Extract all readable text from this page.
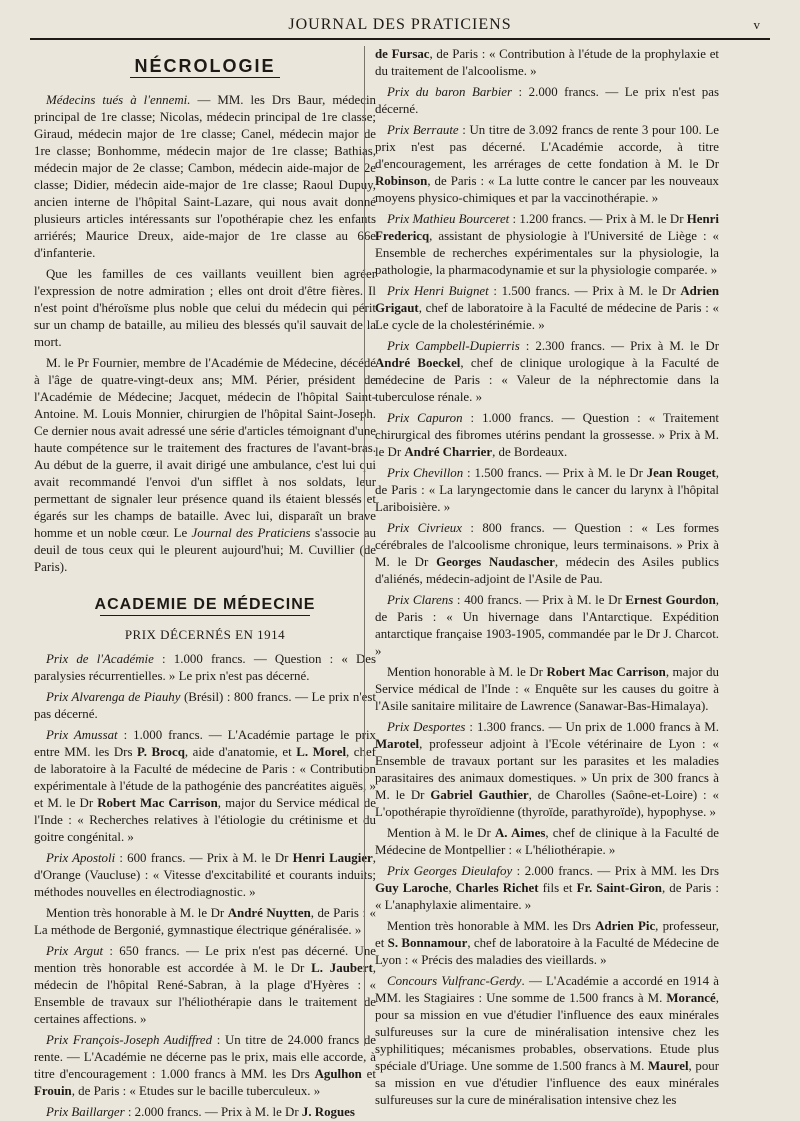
JOURNAL DES PRATICIENS	v
NÉCROLOGIE

Médecins tués à l'ennemi. — MM. les Drs Baur, médecin principal de 1re classe; Nicolas, médecin principal de 1re classe; Giraud, médecin major de 1re classe; Canel, médecin major de 1re classe; Bonhomme, médecin major de 1re classe; Bathias, médecin major de 2e classe; Cambon, médecin aide-major de 2e classe; Didier, médecin aide-major de 1re classe; Raoul Dupuy, ancien interne de l'hôpital Saint-Lazare, qui nous avait donné plusieurs articles intéressants sur l'opothérapie chez les enfants arriérés; Maurice Dreux, aide-major de 1re classe au 66e d'infanterie.

Que les familles de ces vaillants veuillent bien agréer l'expression de notre admiration ; elles ont droit d'être fières. Il n'est point d'héroïsme plus noble que celui du médecin qui périt sur un champ de bataille, au milieu des blessés qu'il sauvait de la mort.

M. le Pr Fournier, membre de l'Académie de Médecine, décédé à l'âge de quatre-vingt-deux ans; MM. Périer, président de l'Académie de Médecine; Jacquet, médecin de l'hôpital Saint-Antoine. M. Louis Monnier, chirurgien de l'hôpital Saint-Joseph. Ce dernier nous avait adressé une série d'articles témoignant d'une haute compétence sur le traitement des fractures de l'avant-bras. Au début de la guerre, il avait dirigé une ambulance, c'est lui qui avait recommandé l'envoi d'un sifflet à nos soldats, leur permettant de signaler leur présence quand ils étaient blessés et égarés sur les champs de bataille. Avec lui, disparaît un brave homme et un noble cœur. Le Journal des Praticiens s'associe au deuil de tous ceux qui le pleurent aujourd'hui; M. Cuvillier (de Paris).

ACADEMIE DE MÉDECINE
PRIX DÉCERNÉS EN 1914

Prix de l'Académie : 1.000 francs. — Question : « Des paralysies récurrentielles. » Le prix n'est pas décerné.

Prix Alvarenga de Piauhy (Brésil) : 800 francs. — Le prix n'est pas décerné.

Prix Amussat : 1.000 francs. — L'Académie partage le prix entre MM. les Drs P. Brocq, aide d'anatomie, et L. Morel, chef de laboratoire à la Faculté de médecine de Paris : « Contribution expérimentale à l'étude de la pathogénie des pancréatites aiguës, » et M. le Dr Robert Mac Carrison, major du Service médical de l'Inde : « Recherches relatives à l'étiologie du crétinisme et du goitre congénital. »

Prix Apostoli : 600 francs. — Prix à M. le Dr Henri Laugier, d'Orange (Vaucluse) : « Vitesse d'excitabilité et courants induits; méthodes nouvelles en électrodiagnostic. »

Mention très honorable à M. le Dr André Nuytten, de Paris : « La méthode de Bergonié, gymnastique électrique généralisée. »

Prix Argut : 650 francs. — Le prix n'est pas décerné. Une mention très honorable est accordée à M. le Dr L. Jaubert, médecin de l'hôpital René-Sabran, à la plage d'Hyères : « Ensemble de travaux sur l'héliothérapie dans le traitement de certaines affections. »

Prix François-Joseph Audiffred : Un titre de 24.000 francs de rente. — L'Académie ne décerne pas le prix, mais elle accorde, à titre d'encouragement : 1.000 francs à MM. les Drs Agulhon et Frouin, de Paris : « Etudes sur le bacille tuberculeux. »

Prix Baillarger : 2.000 francs. — Prix à M. le Dr J. Rogues

de Fursac, de Paris : « Contribution à l'étude de la prophylaxie et du traitement de l'alcoolisme. »

Prix du baron Barbier : 2.000 francs. — Le prix n'est pas décerné.

Prix Berraute : Un titre de 3.092 francs de rente 3 pour 100. Le prix n'est pas décerné. L'Académie accorde, à titre d'encouragement, les arrérages de cette fondation à M. le Dr Robinson, de Paris : « La lutte contre le cancer par les nouveaux moyens physico-chimiques et par la vaccinothérapie. »

Prix Mathieu Bourceret : 1.200 francs. — Prix à M. le Dr Henri Fredericq, assistant de physiologie à l'Université de Liège : « Ensemble de recherches expérimentales sur la physiologie, la pathologie, la pharmacodynamie et sur la physiologie comparée. »

Prix Henri Buignet : 1.500 francs. — Prix à M. le Dr Adrien Grigaut, chef de laboratoire à la Faculté de médecine de Paris : « Le cycle de la cholestérinémie. »

Prix Campbell-Dupierris : 2.300 francs. — Prix à M. le Dr André Boeckel, chef de clinique urologique à la Faculté de médecine de Paris : « Valeur de la néphrectomie dans la tuberculose rénale. »

Prix Capuron : 1.000 francs. — Question : « Traitement chirurgical des fibromes utérins pendant la grossesse. » Prix à M. le Dr André Charrier, de Bordeaux.

Prix Chevillon : 1.500 francs. — Prix à M. le Dr Jean Rouget, de Paris : « La laryngectomie dans le cancer du larynx à l'hôpital Lariboisière. »

Prix Civrieux : 800 francs. — Question : « Les formes cérébrales de l'alcoolisme chronique, leurs terminaisons. » Prix à M. le Dr Georges Naudascher, médecin des Asiles publics d'aliénés, médecin-adjoint de l'Asile de Pau.

Prix Clarens : 400 francs. — Prix à M. le Dr Ernest Gourdon, de Paris : « Un hivernage dans l'Antarctique. Expédition antarctique française 1903-1905, commandée par le Dr J. Charcot. »

Mention honorable à M. le Dr Robert Mac Carrison, major du Service médical de l'Inde : « Enquête sur les causes du goitre à l'Asile sanitaire militaire de Lawrence (Sanawar-Bas-Himalaya).

Prix Desportes : 1.300 francs. — Un prix de 1.000 francs à M. Marotel, professeur adjoint à l'Ecole vétérinaire de Lyon : « Ensemble de travaux portant sur les parasites et les maladies parasitaires des animaux domestiques. » Un prix de 300 francs à M. le Dr Gabriel Gauthier, de Charolles (Saône-et-Loire) : « L'opothérapie thyroïdienne (thyroïde, parathyroïde), hypophyse. »

Mention à M. le Dr A. Aimes, chef de clinique à la Faculté de Médecine de Montpellier : « L'héliothérapie. »

Prix Georges Dieulafoy : 2.000 francs. — Prix à MM. les Drs Guy Laroche, Charles Richet fils et Fr. Saint-Giron, de Paris : « L'anaphylaxie alimentaire. »

Mention très honorable à MM. les Drs Adrien Pic, professeur, et S. Bonnamour, chef de laboratoire à la Faculté de Médecine de Lyon : « Précis des maladies des vieillards. »

Concours Vulfranc-Gerdy. — L'Académie a accordé en 1914 à MM. les Stagiaires : Une somme de 1.500 francs à M. Morancé, pour sa mission en vue d'étudier l'influence des eaux minérales sulfureuses sur la cure de minéralisation intensive chez les syphilitiques; mécanismes probables, observations. Etude plus spéciale d'Uriage. Une somme de 1.500 francs à M. Maurel, pour sa mission en vue d'étudier l'influence des eaux minérales sulfureuses sur la cure de minéralisation intensive chez les
